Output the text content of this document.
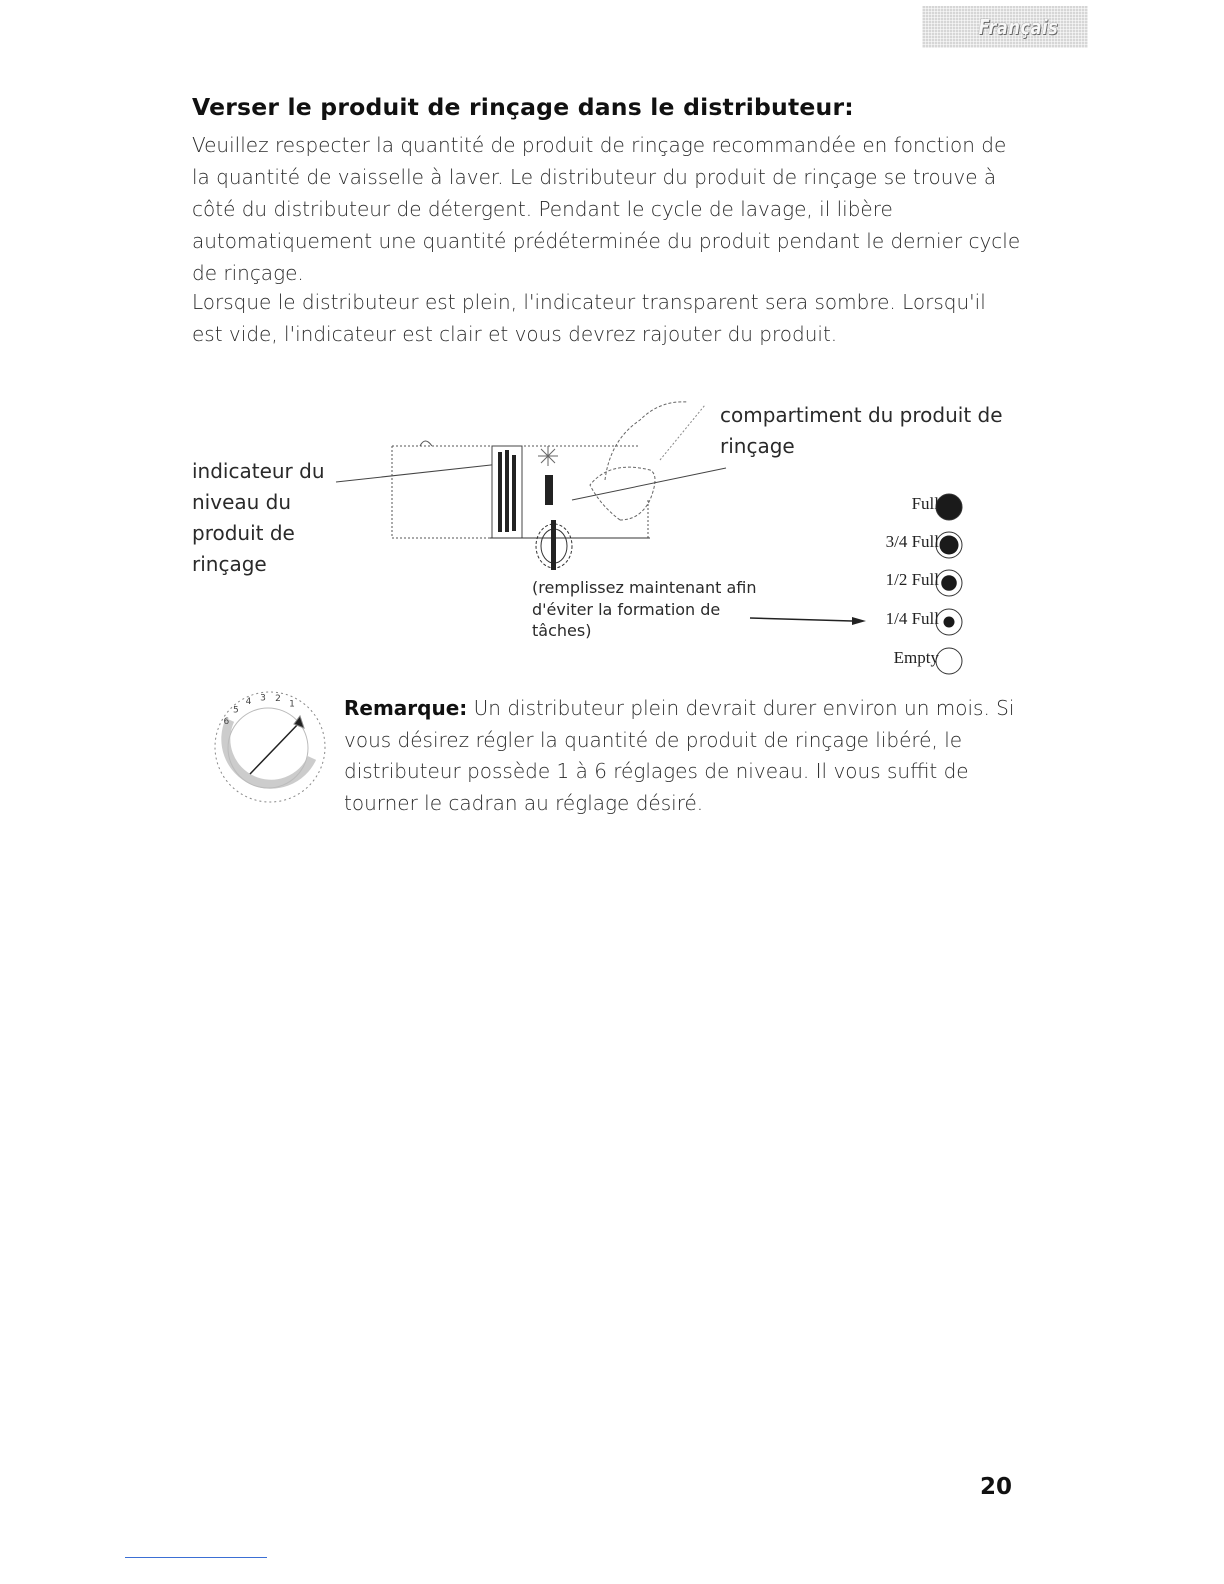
Français
Verser le produit de rinçage dans le distributeur:

Veuillez respecter la quantité de produit de rinçage recommandée en fonction de la quantité de vaisselle à laver. Le distributeur du produit de rinçage se trouve à côté du distributeur de détergent. Pendant le cycle de lavage, il libère automatiquement une quantité prédéterminée du produit pendant le dernier cycle de rinçage.

Lorsque le distributeur est plein, l'indicateur transparent sera sombre. Lorsqu'il est vide, l'indicateur est clair et vous devrez rajouter du produit.

6
5
4 3 2
1

indicateur du niveau du produit de rinçage

compartiment du produit de rinçage

(remplissez maintenant afin d'éviter la formation de tâches)

Full
3/4 Full
1/2 Full
1/4 Full
Empty

Remarque: Un distributeur plein devrait durer environ un mois. Si vous désirez régler la quantité de produit de rinçage libéré, le distributeur possède 1 à 6 réglages de niveau. Il vous suffit de tourner le cadran au réglage désiré.

20
